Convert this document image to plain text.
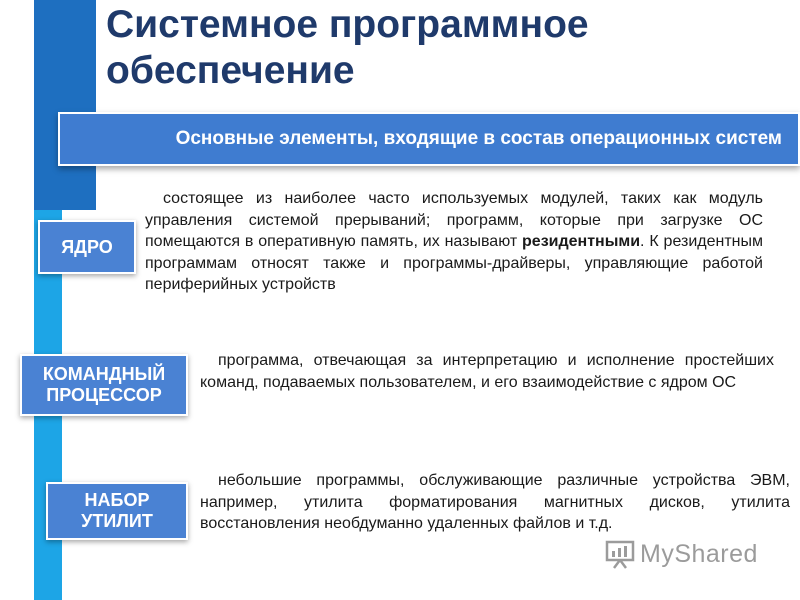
Системное программное обеспечение
Основные элементы, входящие в состав операционных систем
ЯДРО

состоящее из наиболее часто используемых модулей, таких как модуль управления системой прерываний; программ, которые при загрузке ОС помещаются в оперативную память, их называют резидентными. К резидентным программам относят также и программы-драйверы, управляющие работой периферийных устройств

КОМАНДНЫЙ
ПРОЦЕССОР

программа, отвечающая за интерпретацию и исполнение простейших команд, подаваемых пользователем, и его взаимодействие с ядром ОС

НАБОР
УТИЛИТ

небольшие программы, обслуживающие различные устройства ЭВМ, например, утилита форматирования магнитных дисков, утилита восстановления необдуманно удаленных файлов и т.д.

MyShared
